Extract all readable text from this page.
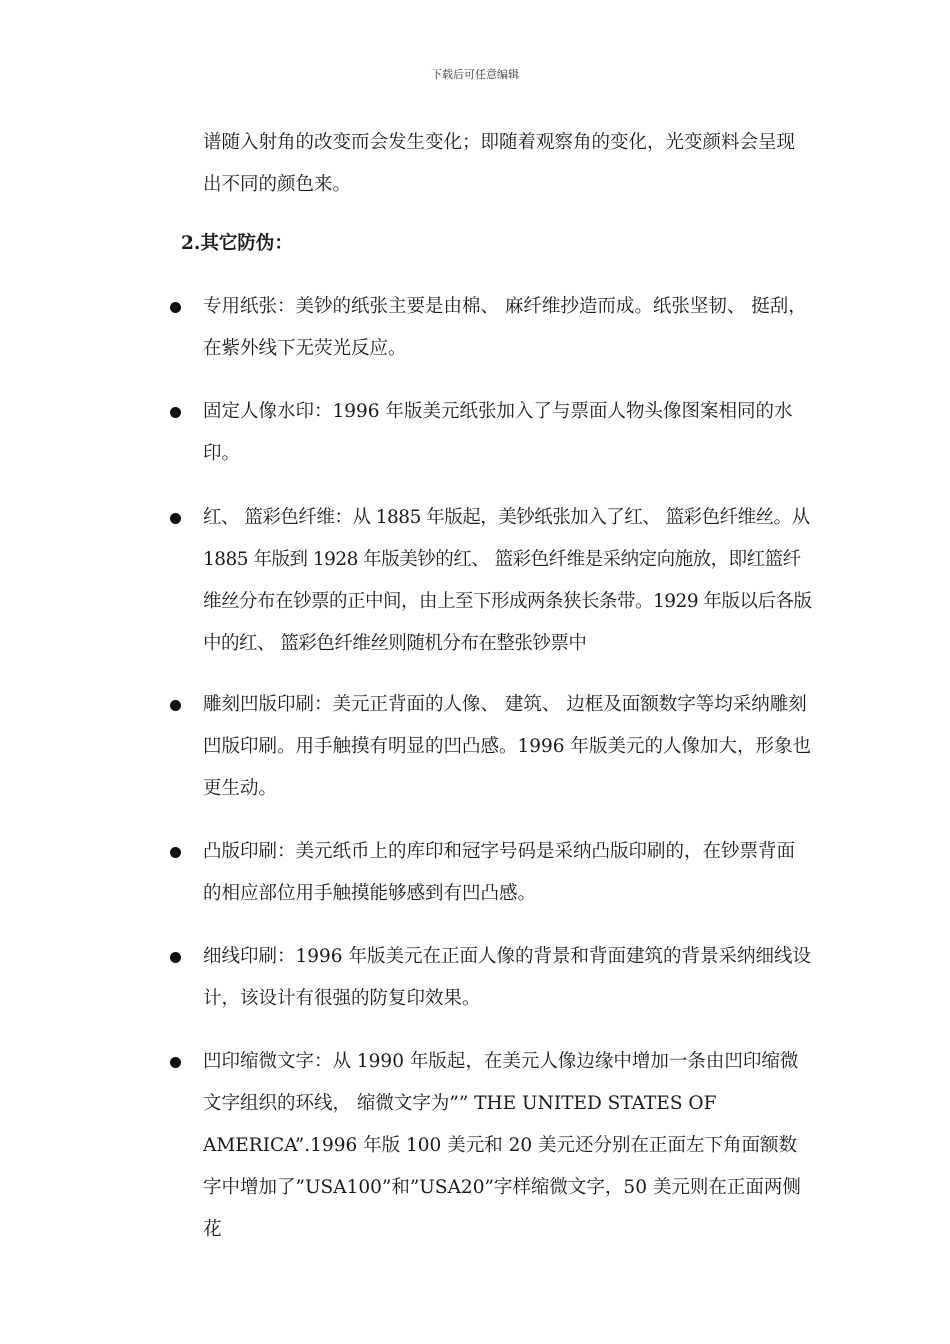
下载后可任意编辑
谱随入射角的改变而会发生变化；即随着观察角的变化，光变颜料会呈现出不同的颜色来。
2.其它防伪：
专用纸张：美钞的纸张主要是由棉、 麻纤维抄造而成。纸张坚韧、 挺刮，在紫外线下无荧光反应。
固定人像水印：1996 年版美元纸张加入了与票面人物头像图案相同的水印。
红、 篮彩色纤维：从 1885 年版起，美钞纸张加入了红、 篮彩色纤维丝。从 1885 年版到 1928 年版美钞的红、 篮彩色纤维是采纳定向施放，即红篮纤维丝分布在钞票的正中间，由上至下形成两条狭长条带。1929 年版以后各版中的红、 篮彩色纤维丝则随机分布在整张钞票中
雕刻凹版印刷：美元正背面的人像、 建筑、 边框及面额数字等均采纳雕刻凹版印刷。用手触摸有明显的凹凸感。1996 年版美元的人像加大，形象也更生动。
凸版印刷：美元纸币上的库印和冠字号码是采纳凸版印刷的，在钞票背面的相应部位用手触摸能够感到有凹凸感。
细线印刷：1996 年版美元在正面人像的背景和背面建筑的背景采纳细线设计，该设计有很强的防复印效果。
凹印缩微文字：从 1990 年版起，在美元人像边缘中增加一条由凹印缩微文字组织的环线， 缩微文字为”” THE UNITED STATES OF AMERICA”.1996 年版 100 美元和 20 美元还分别在正面左下角面额数字中增加了”USA100”和”USA20”字样缩微文字，50 美元则在正面两侧花
